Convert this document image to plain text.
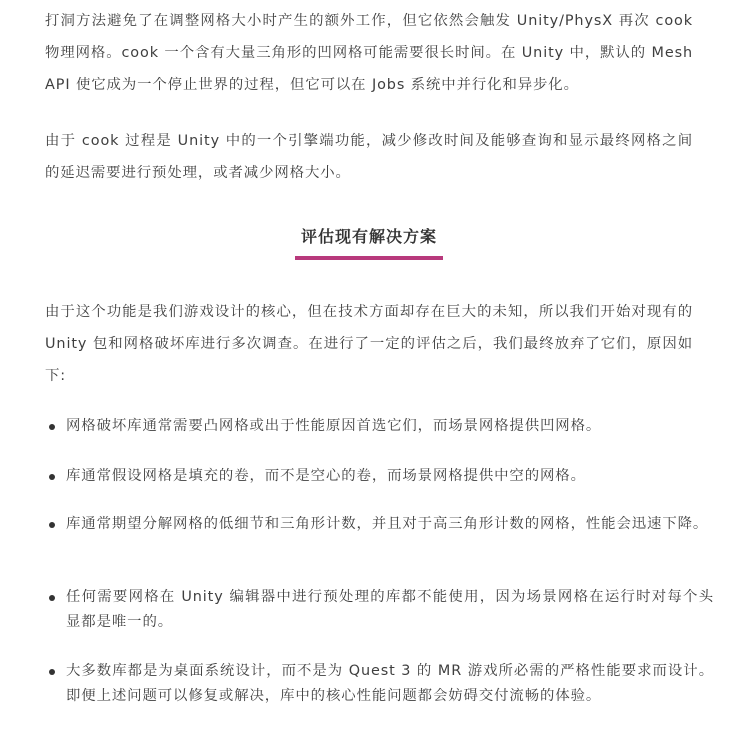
打洞方法避免了在调整网格大小时产生的额外工作，但它依然会触发 Unity/PhysX 再次 cook 物理网格。cook 一个含有大量三角形的凹网格可能需要很长时间。在 Unity 中，默认的 Mesh API 使它成为一个停止世界的过程，但它可以在 Jobs 系统中并行化和异步化。

由于 cook 过程是 Unity 中的一个引擎端功能，减少修改时间及能够查询和显示最终网格之间的延迟需要进行预处理，或者减少网格大小。

评估现有解决方案

由于这个功能是我们游戏设计的核心，但在技术方面却存在巨大的未知，所以我们开始对现有的 Unity 包和网格破坏库进行多次调查。在进行了一定的评估之后，我们最终放弃了它们，原因如下:

网格破坏库通常需要凸网格或出于性能原因首选它们，而场景网格提供凹网格。

库通常假设网格是填充的卷，而不是空心的卷，而场景网格提供中空的网格。

库通常期望分解网格的低细节和三角形计数，并且对于高三角形计数的网格，性能会迅速下降。

任何需要网格在 Unity 编辑器中进行预处理的库都不能使用，因为场景网格在运行时对每个头显都是唯一的。

大多数库都是为桌面系统设计，而不是为 Quest 3 的 MR 游戏所必需的严格性能要求而设计。即便上述问题可以修复或解决，库中的核心性能问题都会妨碍交付流畅的体验。
